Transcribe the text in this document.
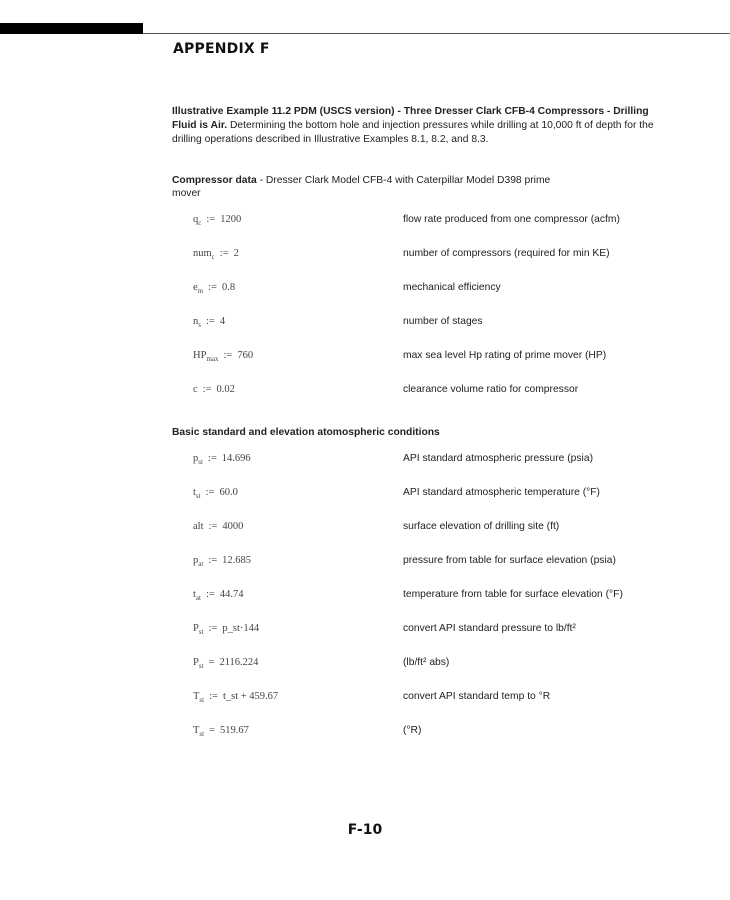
APPENDIX F
Illustrative Example 11.2 PDM (USCS version) - Three Dresser Clark CFB-4 Compressors - Drilling Fluid is Air. Determining the bottom hole and injection pressures while drilling at 10,000 ft of depth for the drilling operations described in Illustrative Examples 8.1, 8.2, and 8.3.
Compressor data - Dresser Clark Model CFB-4 with Caterpillar Model D398 prime mover
$q_c$ := 1200	flow rate produced from one compressor (acfm)
num$_c$ := 2	number of compressors (required for min KE)
$e_m$ := 0.8	mechanical efficiency
$n_s$ := 4	number of stages
$HP_{max}$ := 760	max sea level Hp rating of prime mover (HP)
c := 0.02	clearance volume ratio for compressor
Basic standard and elevation atomospheric conditions
$p_{st}$ := 14.696	API standard atmospheric pressure (psia)
$t_{st}$ := 60.0	API standard atmospheric temperature (°F)
alt := 4000	surface elevation of drilling site (ft)
$p_{at}$ := 12.685	pressure from table for surface elevation (psia)
$t_{at}$ := 44.74	temperature from table for surface elevation (°F)
$P_{st}$ := p_st·144	convert API standard pressure to lb/ft²
$P_{st} = 2116.224$	(lb/ft² abs)
$T_{st}$ := t_st + 459.67	convert API standard temp to °R
$T_{st} = 519.67$	(°R)
F-10
